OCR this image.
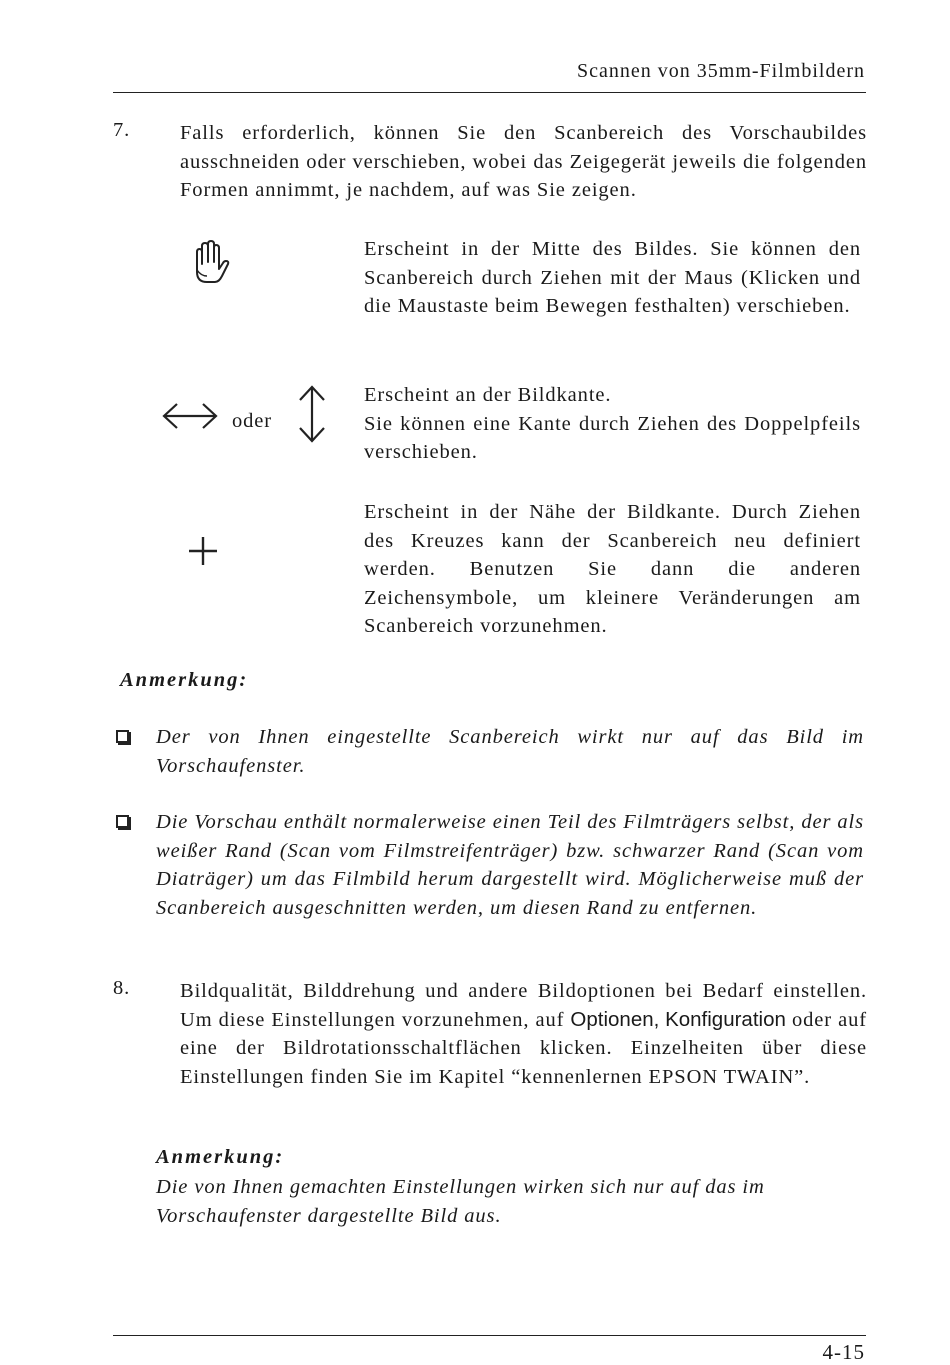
Scannen von 35mm-Filmbildern
7. Falls erforderlich, können Sie den Scanbereich des Vorschaubildes ausschneiden oder verschieben, wobei das Zeigegerät jeweils die folgenden Formen annimmt, je nachdem, auf was Sie zeigen.
Erscheint in der Mitte des Bildes. Sie können den Scanbereich durch Ziehen mit der Maus (Klicken und die Maustaste beim Bewegen festhalten) verschieben.
oder
Erscheint an der Bildkante.
Sie können eine Kante durch Ziehen des Doppelpfeils verschieben.
Erscheint in der Nähe der Bildkante. Durch Ziehen des Kreuzes kann der Scanbereich neu definiert werden. Benutzen Sie dann die anderen Zeichensymbole, um kleinere Veränderungen am Scanbereich vorzunehmen.
Anmerkung:
Der von Ihnen eingestellte Scanbereich wirkt nur auf das Bild im Vorschaufenster.
Die Vorschau enthält normalerweise einen Teil des Filmträgers selbst, der als weißer Rand (Scan vom Filmstreifenträger) bzw. schwarzer Rand (Scan vom Diaträger) um das Filmbild herum dargestellt wird. Möglicherweise muß der Scanbereich ausgeschnitten werden, um diesen Rand zu entfernen.
8. Bildqualität, Bilddrehung und andere Bildoptionen bei Bedarf einstellen. Um diese Einstellungen vorzunehmen, auf Optionen, Konfiguration oder auf eine der Bildrotationsschaltflächen klicken. Einzelheiten über diese Einstellungen finden Sie im Kapitel “kennenlernen EPSON TWAIN”.
Anmerkung:
Die von Ihnen gemachten Einstellungen wirken sich nur auf das im Vorschaufenster dargestellte Bild aus.
4-15
